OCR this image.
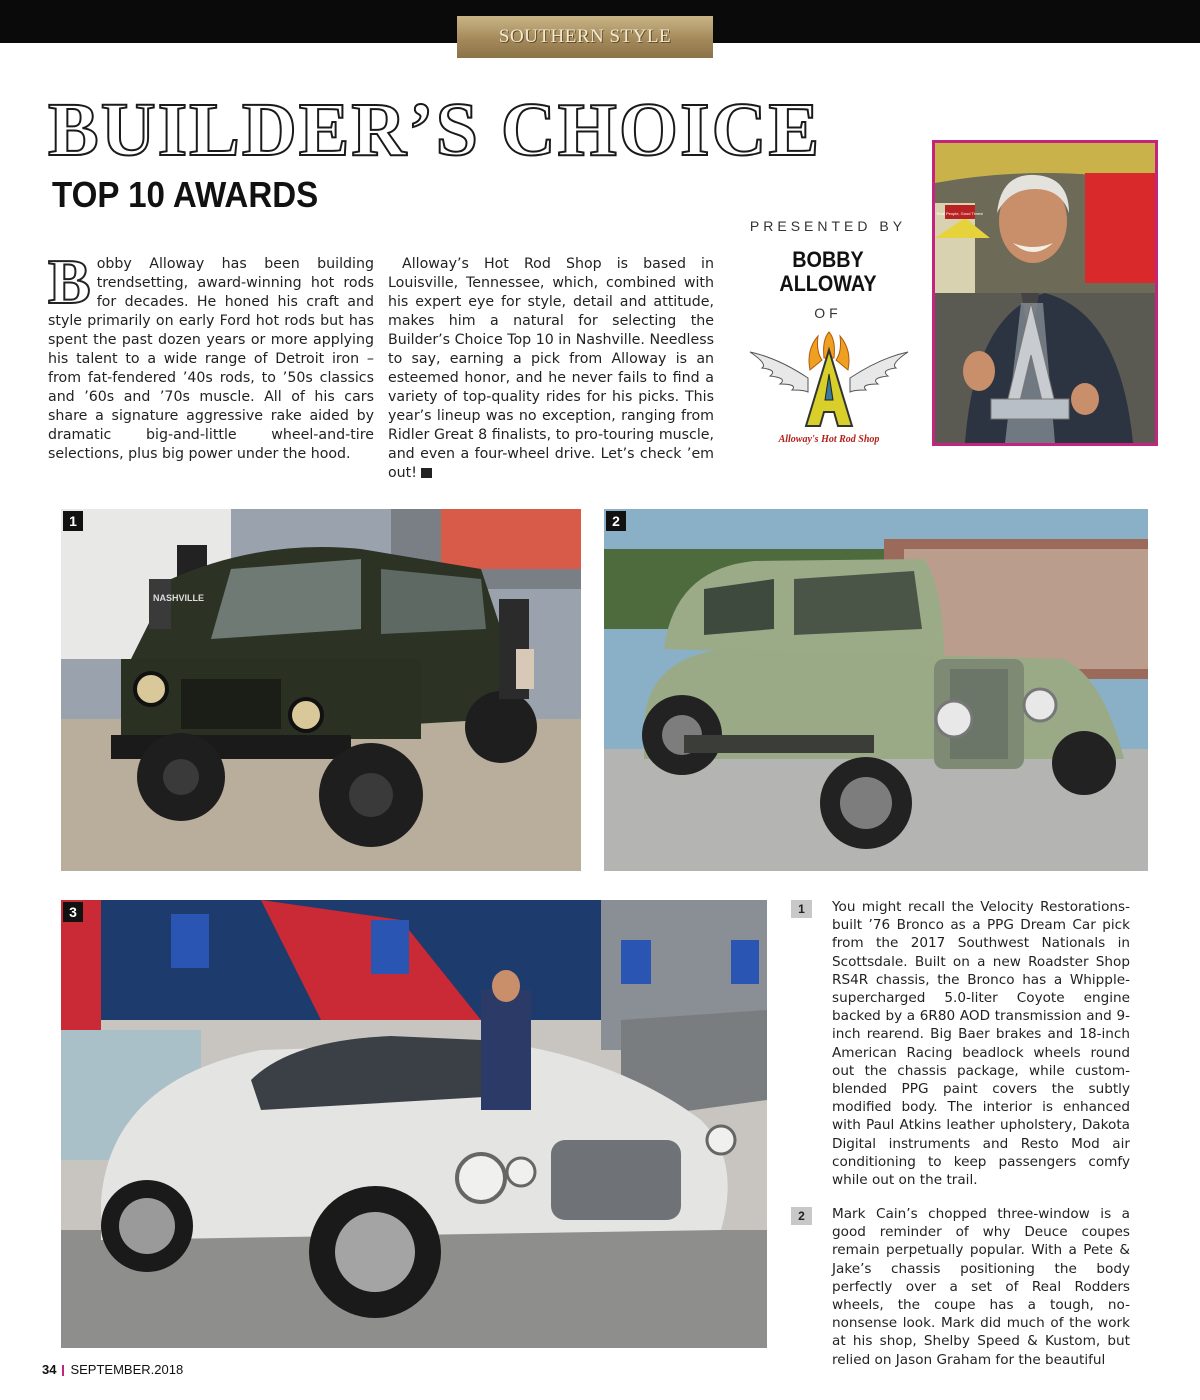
SOUTHERN STYLE
BUILDER’S CHOICE
TOP 10 AWARDS
Bobby Alloway has been building trendsetting, award-winning hot rods for decades. He honed his craft and style primarily on early Ford hot rods but has spent the past dozen years or more applying his talent to a wide range of Detroit iron – from fat-fendered ’40s rods, to ’50s classics and ’60s and ’70s muscle. All of his cars share a signature aggressive rake aided by dramatic big-and-little wheel-and-tire selections, plus big power under the hood.
Alloway’s Hot Rod Shop is based in Louisville, Tennessee, which, combined with his expert eye for style, detail and attitude, makes him a natural for selecting the Builder’s Choice Top 10 in Nashville. Needless to say, earning a pick from Alloway is an esteemed honor, and he never fails to find a variety of top-quality rides for his picks. This year’s lineup was no exception, ranging from Ridler Great 8 finalists, to pro-touring muscle, and even a four-wheel drive. Let’s check ’em out!	GG
PRESENTED BY
BOBBY
ALLOWAY
OF
Alloway's Hot Rod Shop
Real People, Good Times!
NASHVILLE
1	2
3	1	You might recall the Velocity Restorations-built ’76 Bronco as a PPG Dream Car pick from the 2017 Southwest Nationals in Scottsdale. Built on a new Roadster Shop RS4R chassis, the Bronco has a Whipple-supercharged 5.0-liter Coyote engine backed by a 6R80 AOD transmission and 9-inch rearend. Big Baer brakes and 18-inch American Racing beadlock wheels round out the chassis package, while custom-blended PPG paint covers the subtly modified body. The interior is enhanced with Paul Atkins leather upholstery, Dakota Digital instruments and Resto Mod air conditioning to keep passengers comfy while out on the trail.
2	Mark Cain’s chopped three-window is a good reminder of why Deuce coupes remain perpetually popular. With a Pete & Jake’s chassis positioning the body perfectly over a set of Real Rodders wheels, the coupe has a tough, no-nonsense look. Mark did much of the work at his shop, Shelby Speed & Kustom, but relied on Jason Graham for the beautiful
34 SEPTEMBER.2018
